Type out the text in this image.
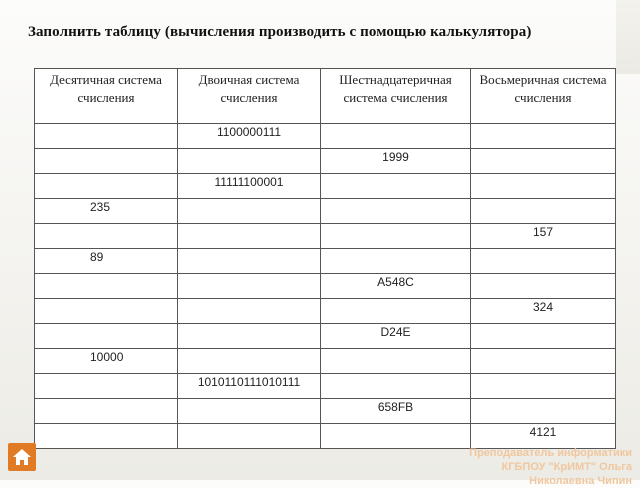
Заполнить таблицу (вычисления производить с помощью калькулятора)
Десятичная система счисления	Двоичная система счисления	Шестнадцатеричная система счисления	Восьмеричная система счисления
	1100000111		
		1999	
	11111100001		
235			
			157
89			
		A548C	
			324
		D24E	
10000			
	1010110111010111		
		658FB	
			4121
Преподаватель информатики
КГБПОУ "КрИМТ" Ольга
Николаевна Чипин
